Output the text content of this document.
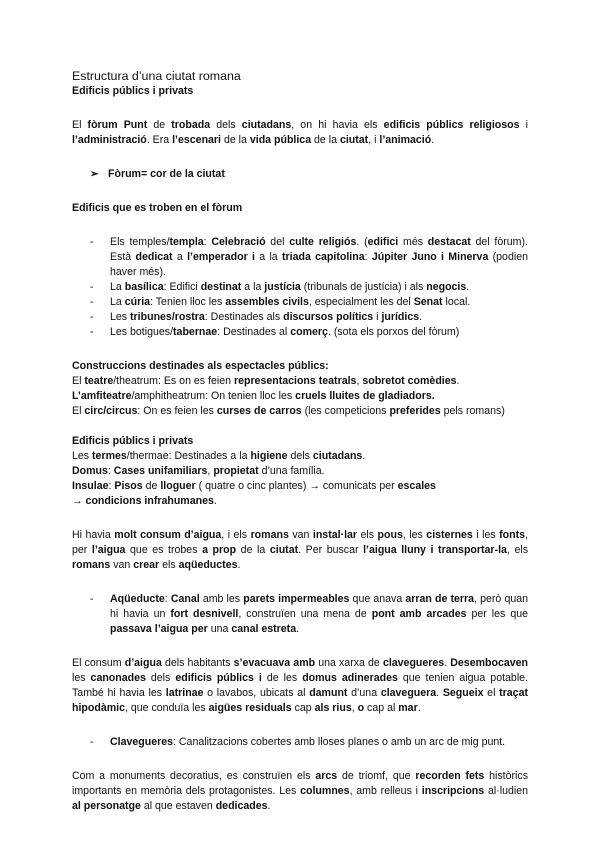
Estructura d’una ciutat romana
Edificis públics i privats
El fòrum Punt de trobada dels ciutadans, on hi havia els edificis públics religiosos i l’administració. Era l’escenari de la vida pública de la ciutat, i l’animació.
➢ Fòrum= cor de la ciutat
Edificis que es troben en el fòrum
- Els temples/templa: Celebració del culte religiós. (edifici més destacat del fòrum). Està dedicat a l’emperador i a la triada capitolina: Júpiter Juno i Minerva (podien haver més).
- La basílica: Edifici destinat a la justícia (tribunals de justícia) i als negocis.
- La cúria: Tenien lloc les assembles civils, especialment les del Senat local.
- Les tribunes/rostra: Destinades als discursos polítics i jurídics.
- Les botigues/tabernae: Destinades al comerç. (sota els porxos del fòrum)
Construccions destinades als espectacles públics:
El teatre/theatrum: Es on es feien representacions teatrals, sobretot comèdies.
L’amfiteatre/amphitheatrum: On tenien lloc les cruels lluites de gladiadors.
El circ/circus: On es feien les curses de carros (les competicions preferides pels romans)
Edificis públics i privats
Les termes/thermae: Destinades a la higiene dels ciutadans.
Domus: Cases unifamiliars, propietat d’una família.
Insulae: Pisos de lloguer ( quatre o cinc plantes) → comunicats per escales
→ condicions infrahumanes.
Hi havia molt consum d’aigua, i els romans van instal·lar els pous, les cisternes i les fonts, per l’aigua que es trobes a prop de la ciutat. Per buscar l’aigua lluny i transportar-la, els romans van crear els aqüeductes.
- Aqüeducte: Canal amb les parets impermeables que anava arran de terra, però quan hi havia un fort desnivell, construïen una mena de pont amb arcades per les que passava l’aigua per una canal estreta.
El consum d’aigua dels habitants s’evacuava amb una xarxa de clavegueres. Desembocaven les canonades dels edificis públics i de les domus adinerades que tenien aigua potable. També hi havia les latrinae o lavabos, ubicats al damunt d’una claveguera. Segueix el traçat hipodàmic, que conduïa les aigües residuals cap als rius, o cap al mar.
- Clavegueres: Canalitzacions cobertes amb lloses planes o amb un arc de mig punt.
Com a monuments decoratius, es construïen els arcs de triomf, que recorden fets històrics importants en memòria dels protagonistes. Les columnes, amb relleus i inscripcions al·ludien al personatge al que estaven dedicades.
